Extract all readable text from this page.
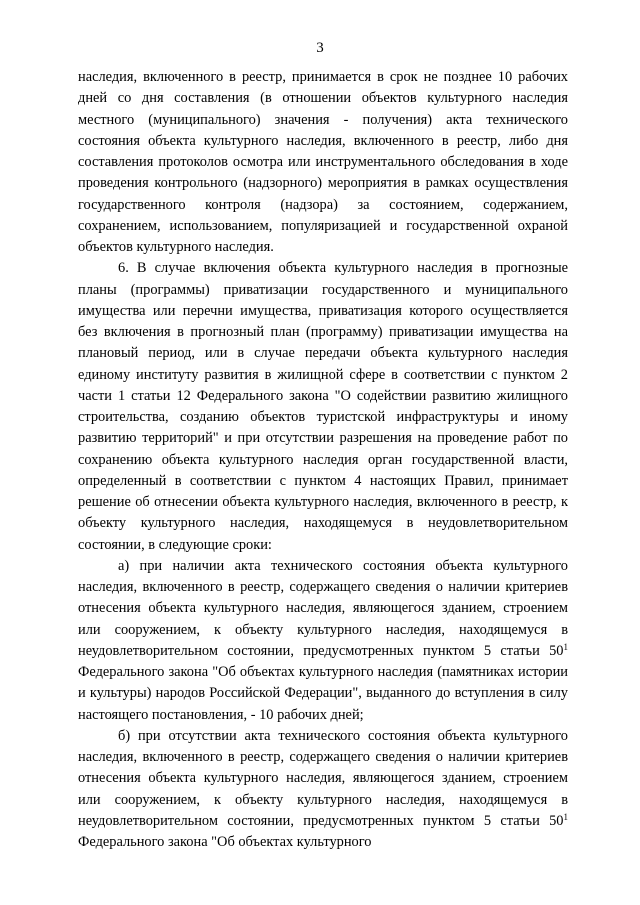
3

наследия, включенного в реестр, принимается в срок не позднее 10 рабочих дней со дня составления (в отношении объектов культурного наследия местного (муниципального) значения - получения) акта технического состояния объекта культурного наследия, включенного в реестр, либо дня составления протоколов осмотра или инструментального обследования в ходе проведения контрольного (надзорного) мероприятия в рамках осуществления государственного контроля (надзора) за состоянием, содержанием, сохранением, использованием, популяризацией и государственной охраной объектов культурного наследия.

6. В случае включения объекта культурного наследия в прогнозные планы (программы) приватизации государственного и муниципального имущества или перечни имущества, приватизация которого осуществляется без включения в прогнозный план (программу) приватизации имущества на плановый период, или в случае передачи объекта культурного наследия единому институту развития в жилищной сфере в соответствии с пунктом 2 части 1 статьи 12 Федерального закона "О содействии развитию жилищного строительства, созданию объектов туристской инфраструктуры и иному развитию территорий" и при отсутствии разрешения на проведение работ по сохранению объекта культурного наследия орган государственной власти, определенный в соответствии с пунктом 4 настоящих Правил, принимает решение об отнесении объекта культурного наследия, включенного в реестр, к объекту культурного наследия, находящемуся в неудовлетворительном состоянии, в следующие сроки:

а) при наличии акта технического состояния объекта культурного наследия, включенного в реестр, содержащего сведения о наличии критериев отнесения объекта культурного наследия, являющегося зданием, строением или сооружением, к объекту культурного наследия, находящемуся в неудовлетворительном состоянии, предусмотренных пунктом 5 статьи $50^1$ Федерального закона "Об объектах культурного наследия (памятниках истории и культуры) народов Российской Федерации", выданного до вступления в силу настоящего постановления, - 10 рабочих дней;

б) при отсутствии акта технического состояния объекта культурного наследия, включенного в реестр, содержащего сведения о наличии критериев отнесения объекта культурного наследия, являющегося зданием, строением или сооружением, к объекту культурного наследия, находящемуся в неудовлетворительном состоянии, предусмотренных пунктом 5 статьи $50^1$ Федерального закона "Об объектах культурного
